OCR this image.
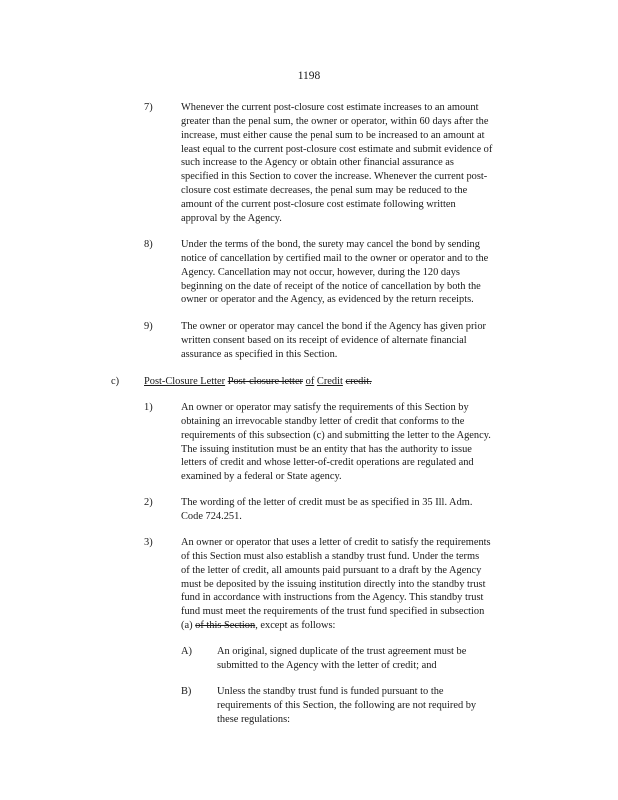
1198
7)	Whenever the current post-closure cost estimate increases to an amount
greater than the penal sum, the owner or operator, within 60 days after the
increase, must either cause the penal sum to be increased to an amount at
least equal to the current post-closure cost estimate and submit evidence of
such increase to the Agency or obtain other financial assurance as
specified in this Section to cover the increase. Whenever the current post-
closure cost estimate decreases, the penal sum may be reduced to the
amount of the current post-closure cost estimate following written
approval by the Agency.
8)	Under the terms of the bond, the surety may cancel the bond by sending
notice of cancellation by certified mail to the owner or operator and to the
Agency. Cancellation may not occur, however, during the 120 days
beginning on the date of receipt of the notice of cancellation by both the
owner or operator and the Agency, as evidenced by the return receipts.
9)	The owner or operator may cancel the bond if the Agency has given prior
written consent based on its receipt of evidence of alternate financial
assurance as specified in this Section.
c) Post-Closure Letter Post-closure letter of Credit credit.
1)	An owner or operator may satisfy the requirements of this Section by
obtaining an irrevocable standby letter of credit that conforms to the
requirements of this subsection (c) and submitting the letter to the Agency.
The issuing institution must be an entity that has the authority to issue
letters of credit and whose letter-of-credit operations are regulated and
examined by a federal or State agency.
2)	The wording of the letter of credit must be as specified in 35 Ill. Adm.
Code 724.251.
3)	An owner or operator that uses a letter of credit to satisfy the requirements
of this Section must also establish a standby trust fund. Under the terms
of the letter of credit, all amounts paid pursuant to a draft by the Agency
must be deposited by the issuing institution directly into the standby trust
fund in accordance with instructions from the Agency. This standby trust
fund must meet the requirements of the trust fund specified in subsection
(a) of this Section, except as follows:
A) An original, signed duplicate of the trust agreement must be
submitted to the Agency with the letter of credit; and
B) Unless the standby trust fund is funded pursuant to the
requirements of this Section, the following are not required by
these regulations:
